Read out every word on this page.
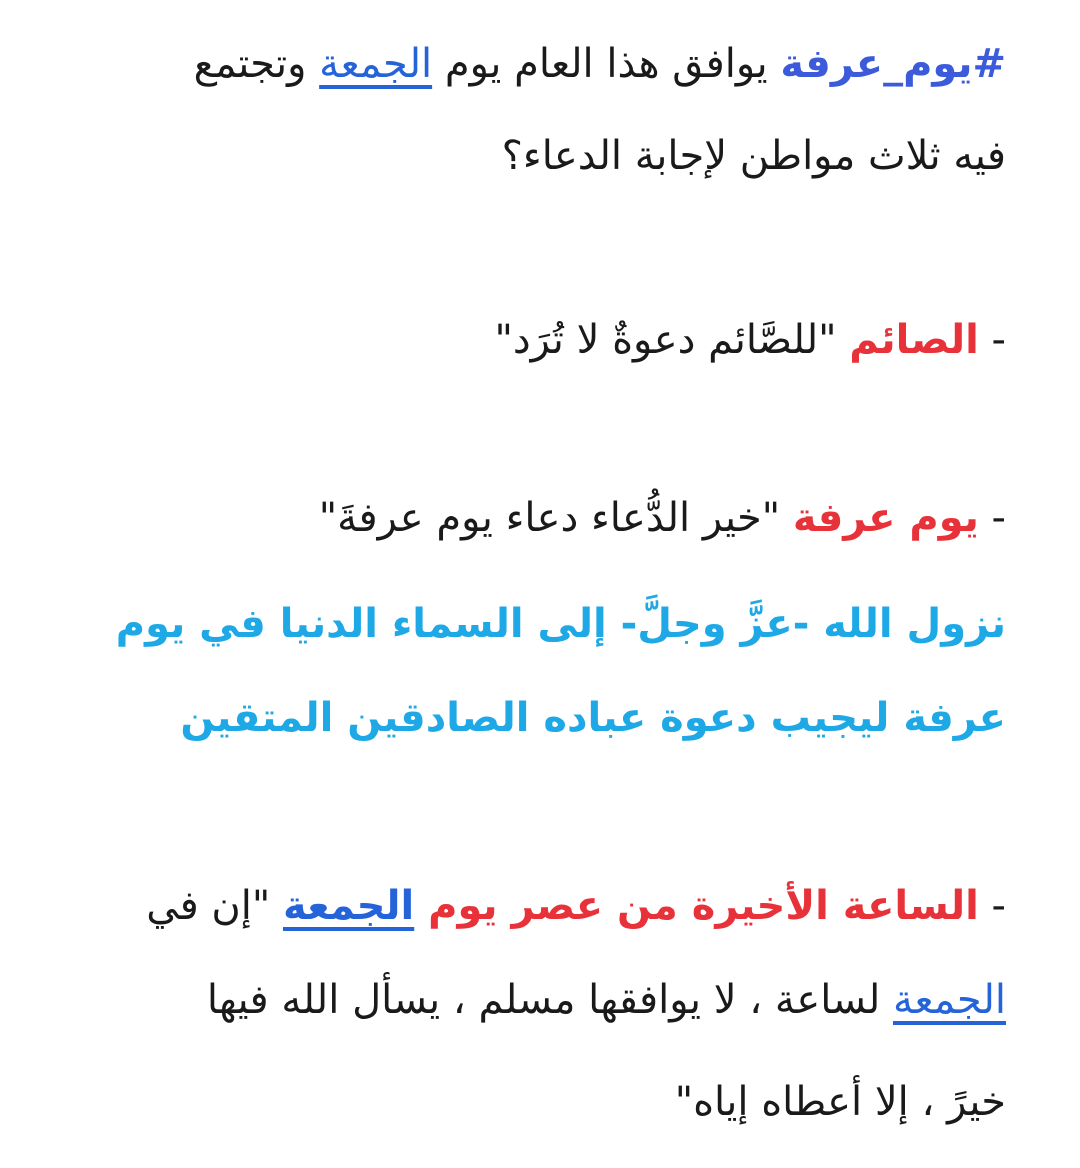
#يوم_عرفة يوافق هذا العام يوم الجمعة وتجتمع
فيه ثلاث مواطن لإجابة الدعاء؟
- الصائم "للصَّائم دعوةٌ لا تُرَد"
- يوم عرفة "خير الدُّعاء دعاء يوم عرفةَ"
نزول الله -عزَّ وجلَّ- إلى السماء الدنيا في يوم
عرفة ليجيب دعوة عباده الصادقين المتقين
- الساعة الأخيرة من عصر يوم الجمعة "إن في
الجمعة لساعة ، لا يوافقها مسلم ، يسأل الله فيها
خيرً ، إلا أعطاه إياه"
